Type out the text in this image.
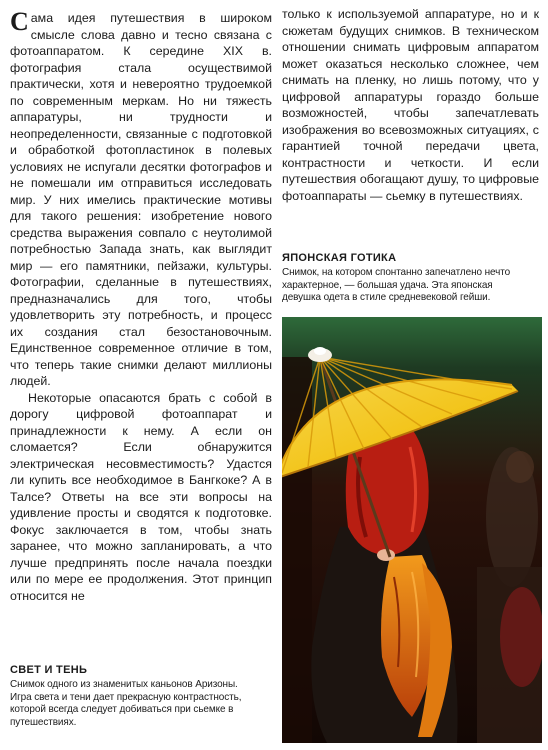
Сама идея путешествия в широком смысле слова давно и тесно связана с фотоаппаратом. К середине XIX в. фотография стала осуществимой практически, хотя и невероятно трудоемкой по современным меркам. Но ни тяжесть аппаратуры, ни трудности и неопределенности, связанные с подготовкой и обработкой фотопластинок в полевых условиях не испугали десятки фотографов и не помешали им отправиться исследовать мир. У них имелись практические мотивы для такого решения: изобретение нового средства выражения совпало с неутолимой потребностью Запада знать, как выглядит мир — его памятники, пейзажи, культуры. Фотографии, сделанные в путешествиях, предназначались для того, чтобы удовлетворить эту потребность, и процесс их создания стал безостановочным. Единственное современное отличие в том, что теперь такие снимки делают миллионы людей.

Некоторые опасаются брать с собой в дорогу цифровой фотоаппарат и принадлежности к нему. А если он сломается? Если обнаружится электрическая несовместимость? Удастся ли купить все необходимое в Бангкоке? А в Талсе? Ответы на все эти вопросы на удивление просты и сводятся к подготовке. Фокус заключается в том, чтобы знать заранее, что можно запланировать, а что лучше предпринять после начала поездки или по мере ее продолжения. Этот принцип относится не

СВЕТ И ТЕНЬ
Снимок одного из знаменитых каньонов Аризоны. Игра света и тени дает прекрасную контрастность, которой всегда следует добиваться при сьемке в путешествиях.

только к используемой аппаратуре, но и к сюжетам будущих снимков. В техническом отношении снимать цифровым аппаратом может оказаться несколько сложнее, чем снимать на пленку, но лишь потому, что у цифровой аппаратуры гораздо больше возможностей, чтобы запечатлевать изображения во всевозможных ситуациях, с гарантией точной передачи цвета, контрастности и четкости. И если путешествия обогащают душу, то цифровые фотоаппараты — сьемку в путешествиях.

ЯПОНСКАЯ ГОТИКА
Снимок, на котором спонтанно запечатлено нечто характерное, — большая удача. Эта японская девушка одета в стиле средневековой гейши.
